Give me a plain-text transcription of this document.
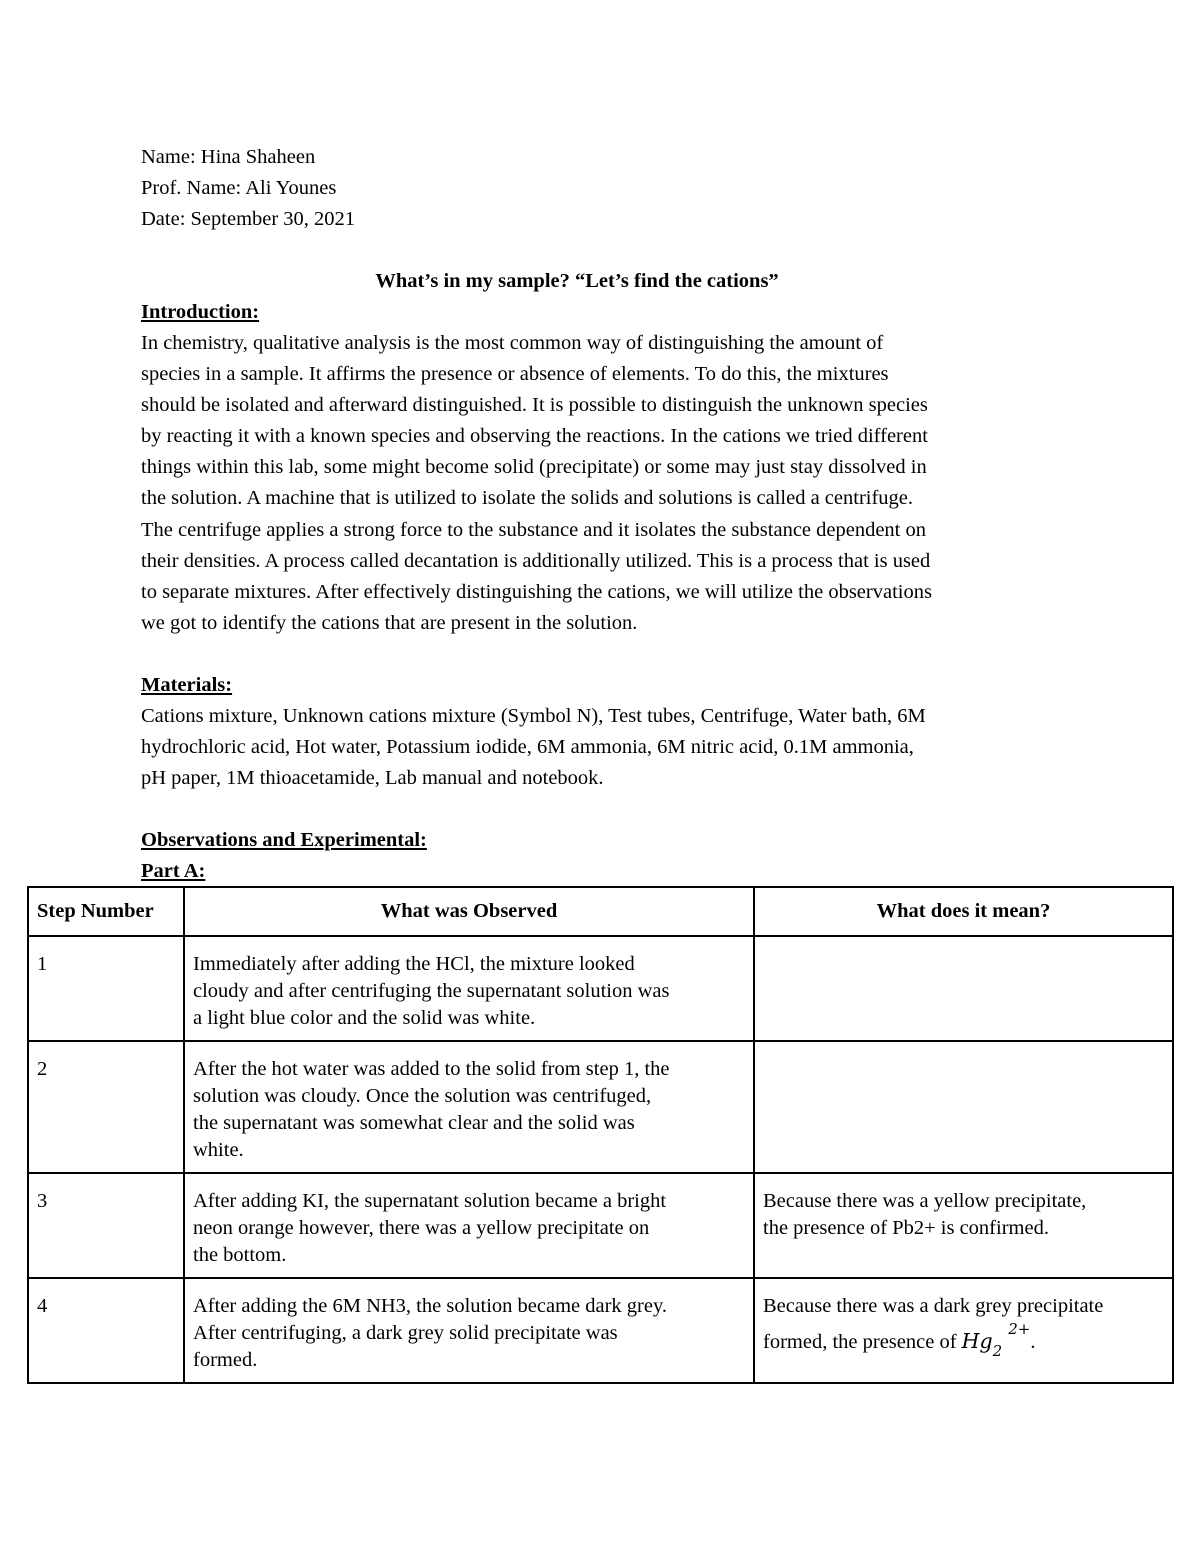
Name: Hina Shaheen
Prof. Name: Ali Younes
Date: September 30, 2021
What’s in my sample? “Let’s find the cations”
Introduction:
In chemistry, qualitative analysis is the most common way of distinguishing the amount of
species in a sample. It affirms the presence or absence of elements. To do this, the mixtures
should be isolated and afterward distinguished. It is possible to distinguish the unknown species
by reacting it with a known species and observing the reactions. In the cations we tried different
things within this lab, some might become solid (precipitate) or some may just stay dissolved in
the solution. A machine that is utilized to isolate the solids and solutions is called a centrifuge.
The centrifuge applies a strong force to the substance and it isolates the substance dependent on
their densities. A process called decantation is additionally utilized. This is a process that is used
to separate mixtures. After effectively distinguishing the cations, we will utilize the observations
we got to identify the cations that are present in the solution.
Materials:
Cations mixture, Unknown cations mixture (Symbol N), Test tubes, Centrifuge, Water bath, 6M
hydrochloric acid, Hot water, Potassium iodide, 6M ammonia, 6M nitric acid, 0.1M ammonia,
pH paper, 1M thioacetamide, Lab manual and notebook.
Observations and Experimental:
Part A:
Step Number	What was Observed	What does it mean?
1	Immediately after adding the HCl, the mixture looked
cloudy and after centrifuging the supernatant solution was
a light blue color and the solid was white.	

2	After the hot water was added to the solid from step 1, the
solution was cloudy. Once the solution was centrifuged,
the supernatant was somewhat clear and the solid was
white.	

3	After adding KI, the supernatant solution became a bright
neon orange however, there was a yellow precipitate on
the bottom.	Because there was a yellow precipitate,
the presence of Pb2+ is confirmed.

4	After adding the 6M NH3, the solution became dark grey.
After centrifuging, a dark grey solid precipitate was
formed.	Because there was a dark grey precipitate
formed, the presence of $Hg_2^{2+}$.
